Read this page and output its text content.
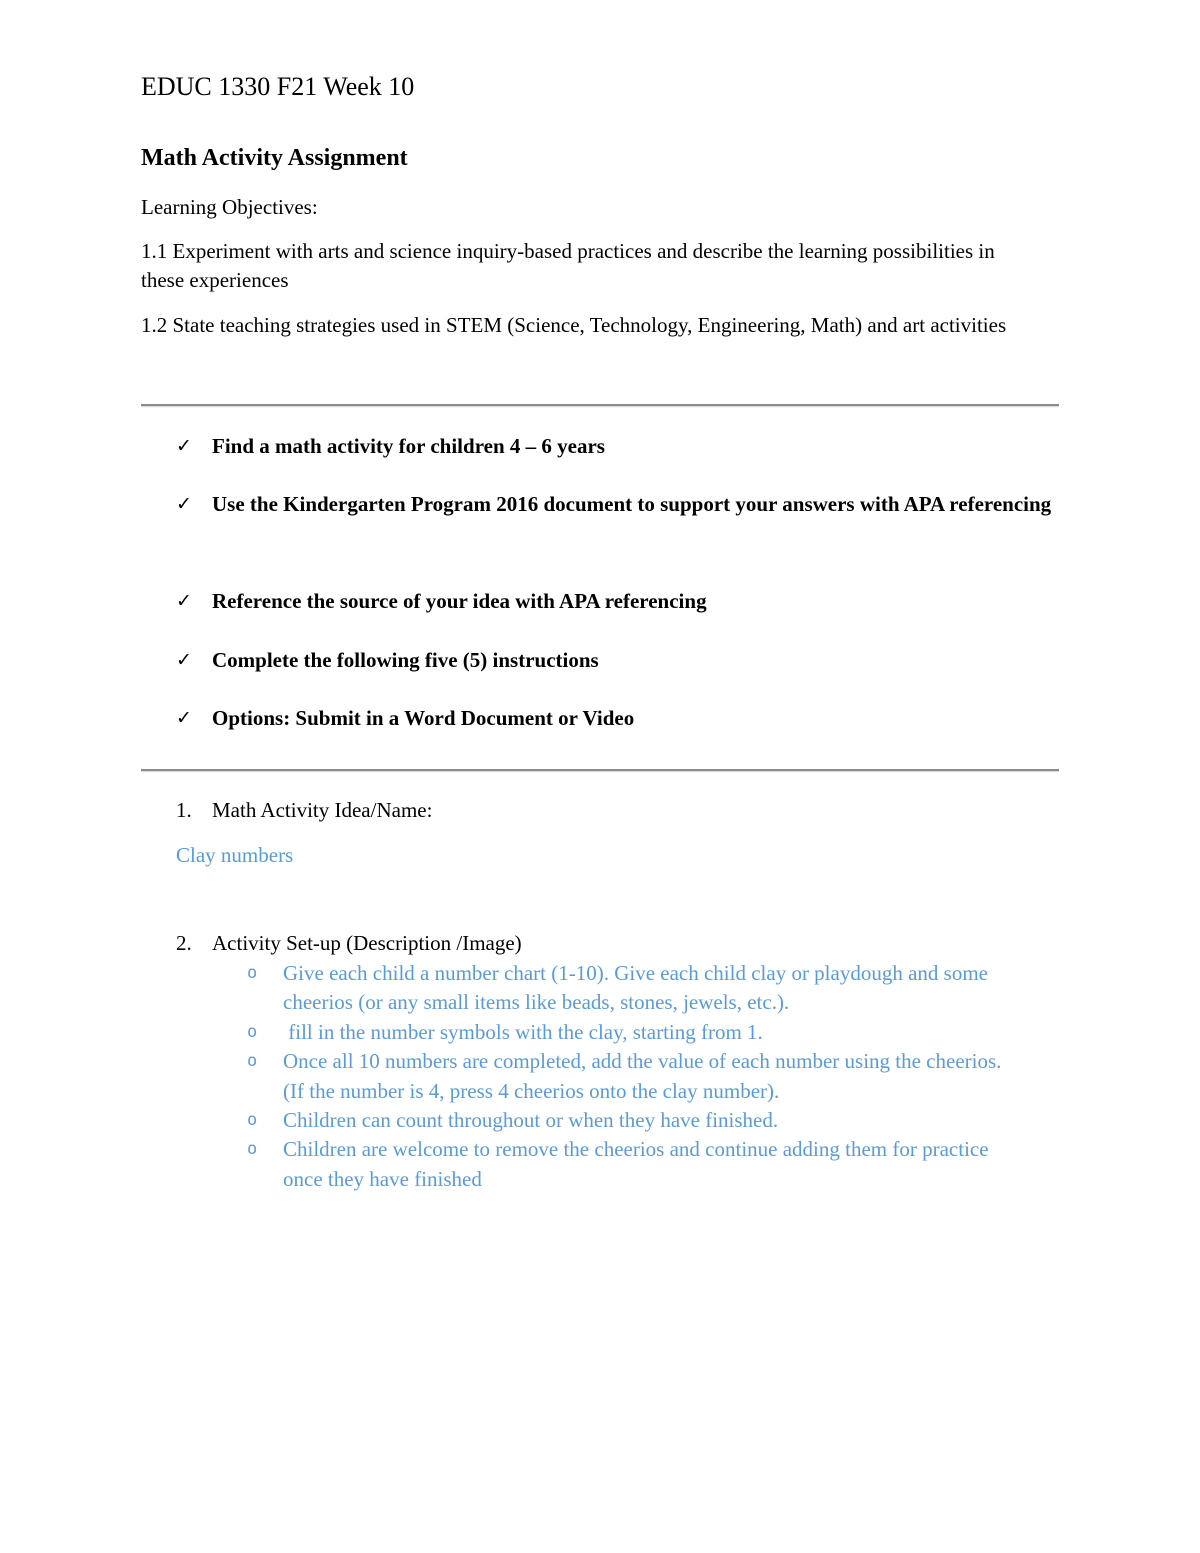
EDUC 1330 F21 Week 10
Math Activity Assignment
Learning Objectives:
1.1 Experiment with arts and science inquiry-based practices and describe the learning possibilities in these experiences
1.2 State teaching strategies used in STEM (Science, Technology, Engineering, Math) and art activities
✓ Find a math activity for children 4 – 6 years
✓ Use the Kindergarten Program 2016 document to support your answers with APA referencing
✓ Reference the source of your idea with APA referencing
✓ Complete the following five (5) instructions
✓ Options: Submit in a Word Document or Video
1. Math Activity Idea/Name:
Clay numbers
2. Activity Set-up (Description /Image)
o Give each child a number chart (1-10). Give each child clay or playdough and some cheerios (or any small items like beads, stones, jewels, etc.).
o fill in the number symbols with the clay, starting from 1.
o Once all 10 numbers are completed, add the value of each number using the cheerios. (If the number is 4, press 4 cheerios onto the clay number).
o Children can count throughout or when they have finished.
o Children are welcome to remove the cheerios and continue adding them for practice once they have finished
